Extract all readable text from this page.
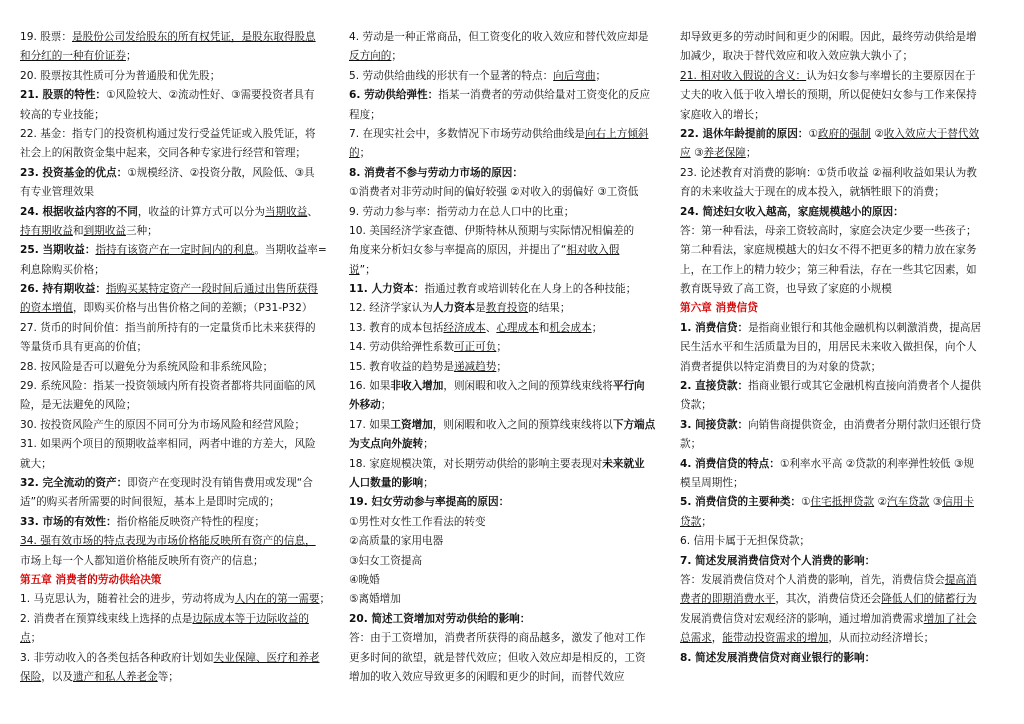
19. 股票：是股份公司发给股东的所有权凭证，是股东取得股息
和分红的一种有价证券；
20. 股票按其性质可分为普通股和优先股；
21. 股票的特性：①风险较大、②流动性好、③需要投资者具有
较高的专业技能；
22. 基金：指专门的投资机构通过发行受益凭证或入股凭证，将
社会上的闲散资金集中起来，交同各种专家进行经营和管理；
23. 投资基金的优点：①规模经济、②投资分散，风险低、③具
有专业管理效果
24. 根据收益内容的不同，收益的计算方式可以分为当期收益、
持有期收益和到期收益三种；
25. 当期收益：指持有该资产在一定时间内的利息。当期收益率=
利息除购买价格；
26. 持有期收益：指购买某特定资产一段时间后通过出售所获得
的资本增值，即购买价格与出售价格之间的差额；（P31-P32）
27. 货币的时间价值：指当前所持有的一定量货币比未来获得的
等量货币具有更高的价值；
28. 按风险是否可以避免分为系统风险和非系统风险；
29. 系统风险：指某一投资领域内所有投资者都将共同面临的风
险，是无法避免的风险；
30. 按投资风险产生的原因不同可分为市场风险和经营风险；
31. 如果两个项目的预期收益率相同，两者中谁的方差大，风险
就大；
32. 完全流动的资产：即资产在变现时没有销售费用或发现“合
适”的购买者所需要的时间很短，基本上是即时完成的；
33. 市场的有效性：指价格能反映资产特性的程度；
34. 强有效市场的特点表现为市场价格能反映所有资产的信息，
市场上每一个人都知道价格能反映所有资产的信息；
第五章 消费者的劳动供给决策
1. 马克思认为，随着社会的进步，劳动将成为人内在的第一需要；
2. 消费者在预算线束线上选择的点是边际成本等于边际收益的
点；
3. 非劳动收入的各类包括各种政府计划如失业保障、医疗和养老
保险，以及遗产和私人养老金等；
4. 劳动是一种正常商品，但工资变化的收入效应和替代效应却是
反方向的；
5. 劳动供给曲线的形状有一个显著的特点：向后弯曲；
6. 劳动供给弹性：指某一消费者的劳动供给量对工资变化的反应
程度；
7. 在现实社会中，多数情况下市场劳动供给曲线是向右上方倾斜
的；
8. 消费者不参与劳动力市场的原因：
①消费者对非劳动时间的偏好较强 ②对收入的弱偏好 ③工资低
9. 劳动力参与率：指劳动力在总人口中的比重；
10. 美国经济学家查德、伊斯特林从预期与实际情况相偏差的
角度来分析妇女参与率提高的原因，并提出了“相对收入假
说”；
11. 人力资本：指通过教育或培训转化在人身上的各种技能；
12. 经济学家认为人力资本是教育投资的结果；
13. 教育的成本包括经济成本、心理成本和机会成本；
14. 劳动供给弹性系数可正可负；
15. 教育收益的趋势是递减趋势；
16. 如果非收入增加，则闲暇和收入之间的预算线束线将平行向
外移动；
17. 如果工资增加，则闲暇和收入之间的预算线束线将以下方端点
为支点向外旋转；
18. 家庭规模决策，对长期劳动供给的影响主要表现对未来就业
人口数量的影响；
19. 妇女劳动参与率提高的原因：
①男性对女性工作看法的转变
②高质量的家用电器
③妇女工资提高
④晚婚
⑤离婚增加
20. 简述工资增加对劳动供给的影响：
答：由于工资增加，消费者所获得的商品越多，激发了他对工作
更多时间的欲望，就是替代效应；但收入效应却是相反的，工资
增加的收入效应导致更多的闲暇和更少的时间，而替代效应
却导致更多的劳动时间和更少的闲暇。因此，最终劳动供给是增
加减少，取决于替代效应和收入效应孰大孰小了；
21. 相对收入假说的含义：认为妇女参与率增长的主要原因在于
丈夫的收入低于收入增长的预期，所以促使妇女参与工作来保持
家庭收入的增长；
22. 退休年龄提前的原因：①政府的强制 ②收入效应大于替代效
应 ③养老保障；
23. 论述教育对消费的影响：①货币收益 ②福利收益如果认为教
育的未来收益大于现在的成本投入，就牺牲眼下的消费；
24. 简述妇女收入越高，家庭规模越小的原因：
答：第一种看法，母亲工资较高时，家庭会决定少要一些孩子；
第二种看法，家庭规模越大的妇女不得不把更多的精力放在家务
上，在工作上的精力较少；第三种看法，存在一些其它因素，如
教育既导致了高工资，也导致了家庭的小规模
第六章 消费信贷
1. 消费信贷：是指商业银行和其他金融机构以刺激消费，提高居
民生活水平和生活质量为目的，用居民未来收入做担保，向个人
消费者提供以特定消费目的为对象的贷款；
2. 直接贷款：指商业银行或其它金融机构直接向消费者个人提供
贷款；
3. 间接贷款：向销售商提供资金，由消费者分期付款归还银行贷
款；
4. 消费信贷的特点：①利率水平高 ②贷款的利率弹性较低 ③规
模呈周期性；
5. 消费信贷的主要种类：①住宅抵押贷款 ②汽车贷款 ③信用卡
贷款；
6. 信用卡属于无担保贷款；
7. 简述发展消费信贷对个人消费的影响：
答：发展消费信贷对个人消费的影响，首先，消费信贷会提高消
费者的即期消费水平，其次，消费信贷还会降低人们的储蓄行为
发展消费信贷对宏观经济的影响，通过增加消费需求增加了社会
总需求，能带动投资需求的增加，从而拉动经济增长；
8. 简述发展消费信贷对商业银行的影响：
